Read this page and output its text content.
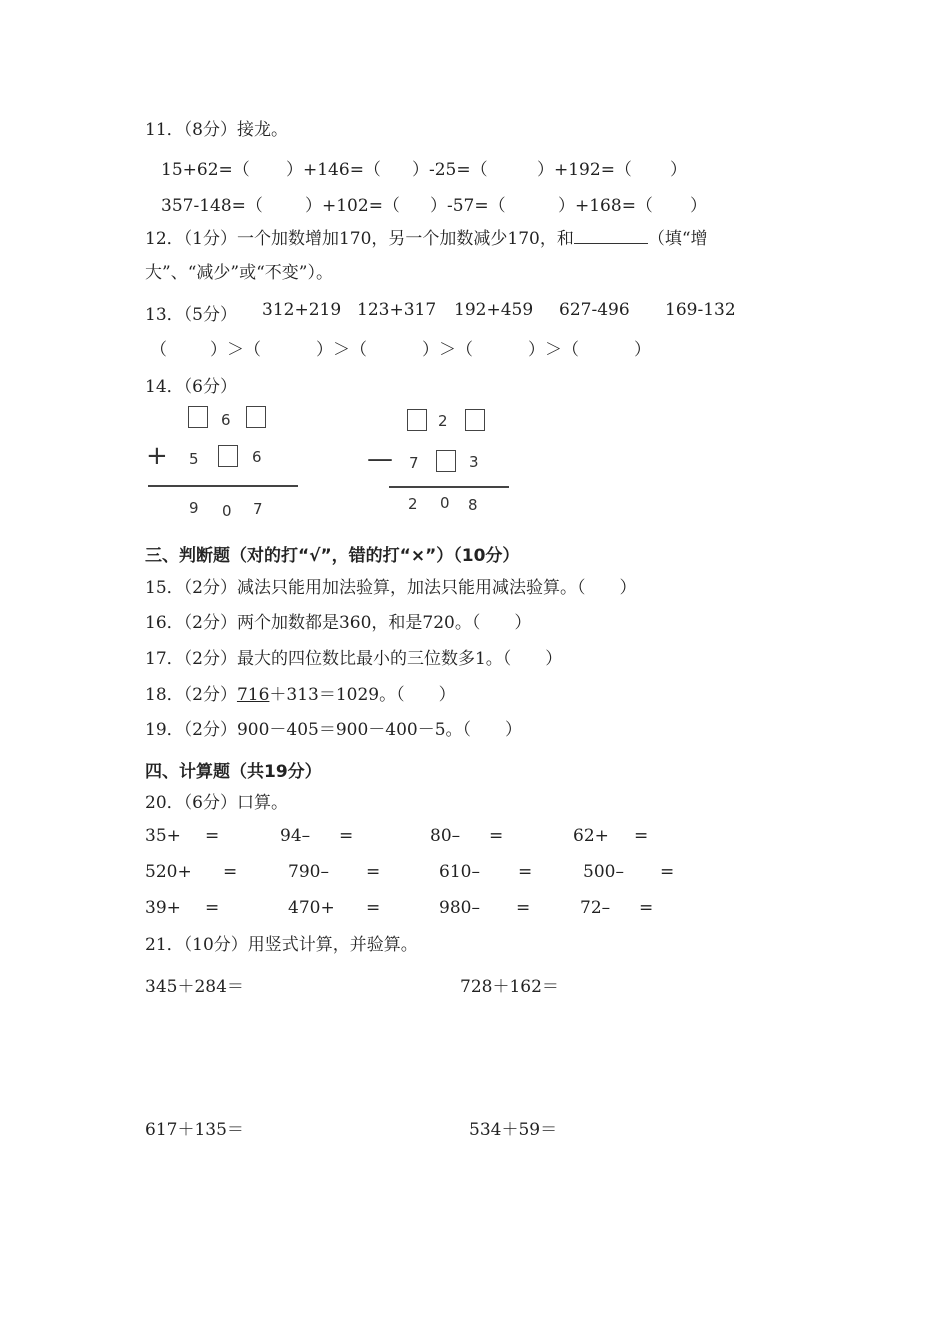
11．（8分）接龙。
15+62=（ ）+146=（ ）-25=（	）+192=（ ）
357-148=（ ）+102=（ ）-57=（	）+168=（ ）
12．（1分）一个加数增加170，另一个加数减少170，和	（填“增
大”、“减少”或“不变”）。
13．（5分） 312+219 123+317 192+459 627-496 169-132
（	）＞（	）＞（	）＞（	）＞（	）
14．（6分）
6
+ 5	6
9 0 7
2
— 7	3
2 0 8
三、判断题（对的打“√”，错的打“×”）（10分）
15．（2分）减法只能用加法验算，加法只能用减法验算。（　　）
16．（2分）两个加数都是360，和是720。（　　）
17．（2分）最大的四位数比最小的三位数多1。（　　）
18．（2分）716＋313＝1029。（　　）
19．（2分）900－405＝900－400－5。（　　）
四、计算题（共19分）
20．（6分）口算。
35+ =	94– =	80– =	62+ =
520+ =	790– =	610– =	500– =
39+ =	470+ =	980– =	72– =
21．（10分）用竖式计算，并验算。
345＋284＝	728＋162＝
617＋135＝	534＋59＝
